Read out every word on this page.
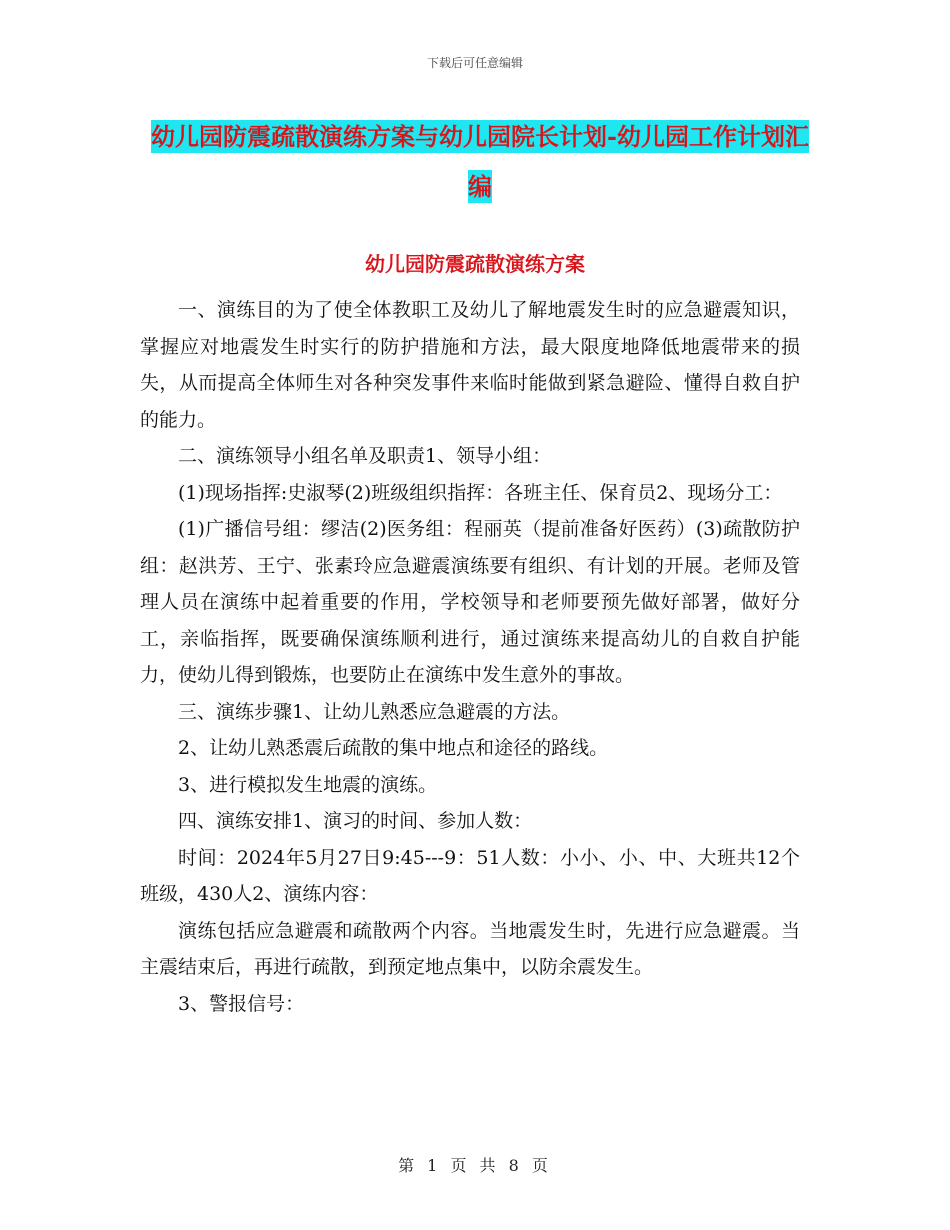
下载后可任意编辑
幼儿园防震疏散演练方案与幼儿园院长计划-幼儿园工作计划汇编
幼儿园防震疏散演练方案

一、演练目的为了使全体教职工及幼儿了解地震发生时的应急避震知识，掌握应对地震发生时实行的防护措施和方法，最大限度地降低地震带来的损失，从而提高全体师生对各种突发事件来临时能做到紧急避险、懂得自救自护的能力。

二、演练领导小组名单及职责1、领导小组：

(1)现场指挥:史淑琴(2)班级组织指挥：各班主任、保育员2、现场分工：

(1)广播信号组：缪洁(2)医务组：程丽英（提前准备好医药）(3)疏散防护组：赵洪芳、王宁、张素玲应急避震演练要有组织、有计划的开展。老师及管理人员在演练中起着重要的作用，学校领导和老师要预先做好部署，做好分工，亲临指挥，既要确保演练顺利进行，通过演练来提高幼儿的自救自护能力，使幼儿得到锻炼，也要防止在演练中发生意外的事故。

三、演练步骤1、让幼儿熟悉应急避震的方法。

2、让幼儿熟悉震后疏散的集中地点和途径的路线。

3、进行模拟发生地震的演练。

四、演练安排1、演习的时间、参加人数：

时间：2024年5月27日9:45---9：51人数：小小、小、中、大班共12个班级，430人2、演练内容：

演练包括应急避震和疏散两个内容。当地震发生时，先进行应急避震。当主震结束后，再进行疏散，到预定地点集中，以防余震发生。

3、警报信号：

第 1 页 共 8 页
